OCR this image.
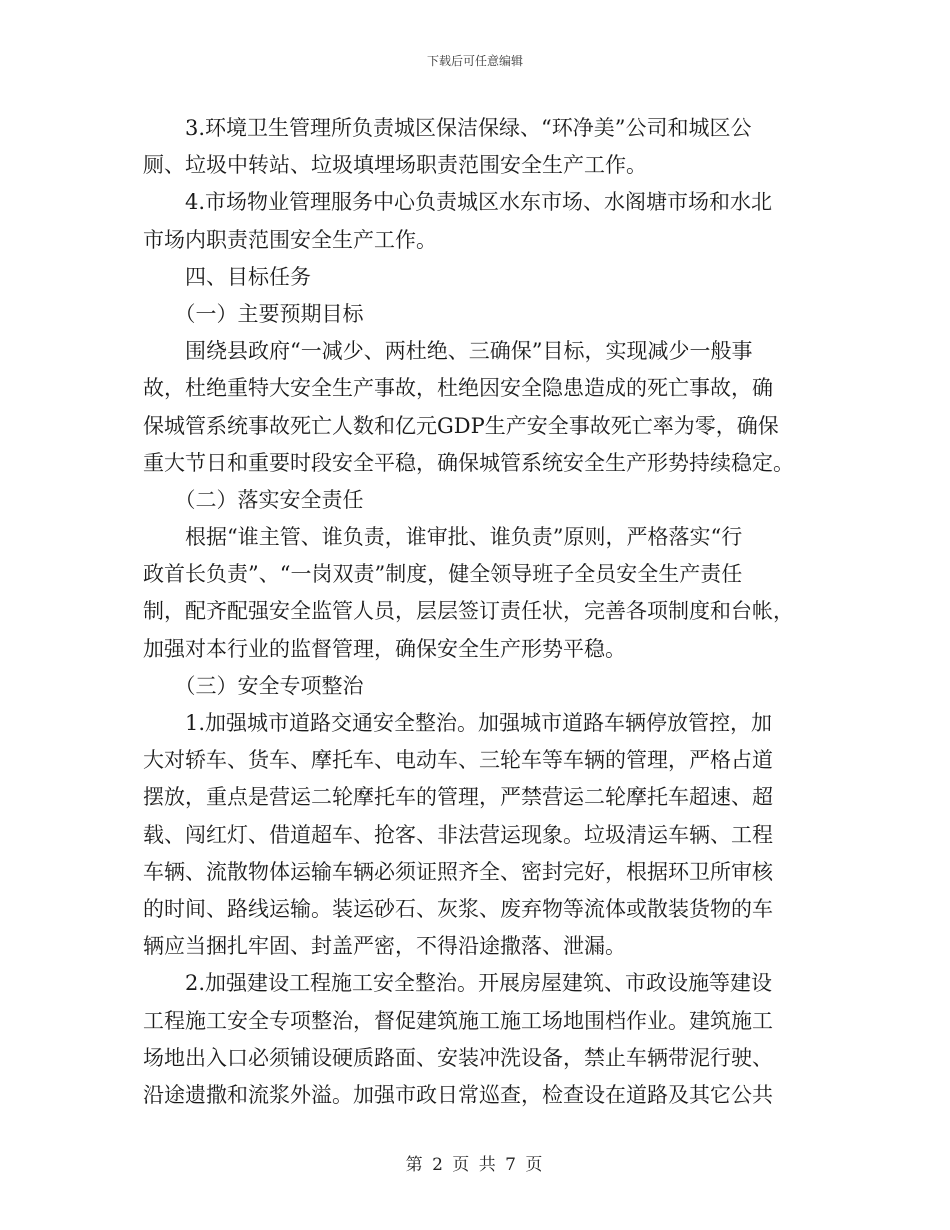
下载后可任意编辑
　　3.环境卫生管理所负责城区保洁保绿、“环净美”公司和城区公
厕、垃圾中转站、垃圾填埋场职责范围安全生产工作。
　　4.市场物业管理服务中心负责城区水东市场、水阁塘市场和水北
市场内职责范围安全生产工作。
　　四、目标任务
　　（一）主要预期目标
　　围绕县政府“一减少、两杜绝、三确保”目标，实现减少一般事
故，杜绝重特大安全生产事故，杜绝因安全隐患造成的死亡事故，确
保城管系统事故死亡人数和亿元GDP生产安全事故死亡率为零，确保
重大节日和重要时段安全平稳，确保城管系统安全生产形势持续稳定。
　　（二）落实安全责任
　　根据“谁主管、谁负责，谁审批、谁负责”原则，严格落实“行
政首长负责”、“一岗双责”制度，健全领导班子全员安全生产责任
制，配齐配强安全监管人员，层层签订责任状，完善各项制度和台帐，
加强对本行业的监督管理，确保安全生产形势平稳。
　　（三）安全专项整治
　　1.加强城市道路交通安全整治。加强城市道路车辆停放管控，加
大对轿车、货车、摩托车、电动车、三轮车等车辆的管理，严格占道
摆放，重点是营运二轮摩托车的管理，严禁营运二轮摩托车超速、超
载、闯红灯、借道超车、抢客、非法营运现象。垃圾清运车辆、工程
车辆、流散物体运输车辆必须证照齐全、密封完好，根据环卫所审核
的时间、路线运输。装运砂石、灰浆、废弃物等流体或散装货物的车
辆应当捆扎牢固、封盖严密，不得沿途撒落、泄漏。
　　2.加强建设工程施工安全整治。开展房屋建筑、市政设施等建设
工程施工安全专项整治，督促建筑施工施工场地围档作业。建筑施工
场地出入口必须铺设硬质路面、安装冲洗设备，禁止车辆带泥行驶、
沿途遗撒和流浆外溢。加强市政日常巡查，检查设在道路及其它公共
第 2 页 共 7 页
